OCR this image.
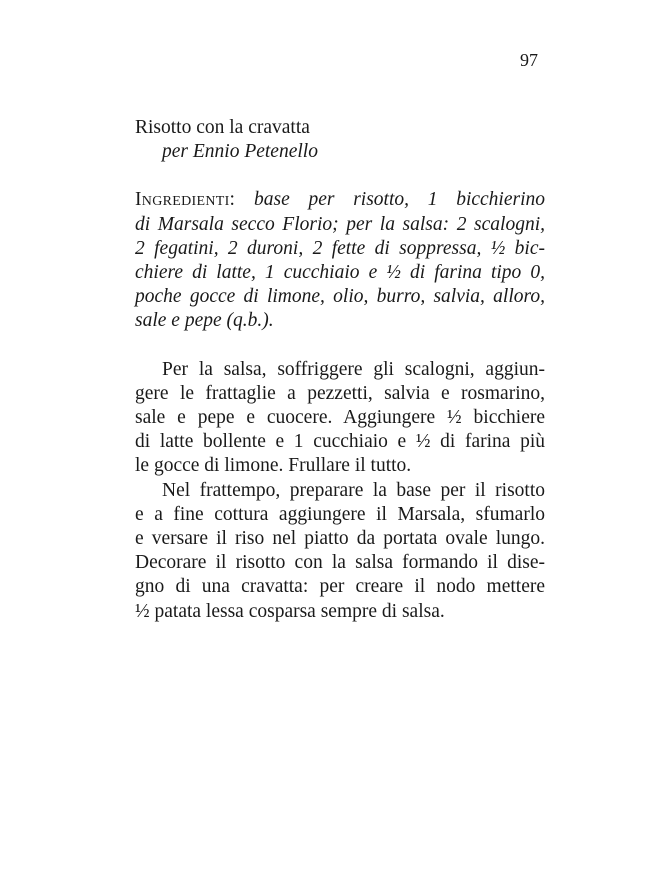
97
Risotto con la cravatta
per Ennio Petenello
Ingredienti: base per risotto, 1 bicchierino
di Marsala secco Florio; per la salsa: 2 scalogni,
2 fegatini, 2 duroni, 2 fette di soppressa, ½ bic-
chiere di latte, 1 cucchiaio e ½ di farina tipo 0,
poche gocce di limone, olio, burro, salvia, alloro,
sale e pepe (q.b.).
Per la salsa, soffriggere gli scalogni, aggiun-
gere le frattaglie a pezzetti, salvia e rosmarino,
sale e pepe e cuocere. Aggiungere ½ bicchiere
di latte bollente e 1 cucchiaio e ½ di farina più
le gocce di limone. Frullare il tutto.
Nel frattempo, preparare la base per il risotto
e a fine cottura aggiungere il Marsala, sfumarlo
e versare il riso nel piatto da portata ovale lungo.
Decorare il risotto con la salsa formando il dise-
gno di una cravatta: per creare il nodo mettere
½ patata lessa cosparsa sempre di salsa.
